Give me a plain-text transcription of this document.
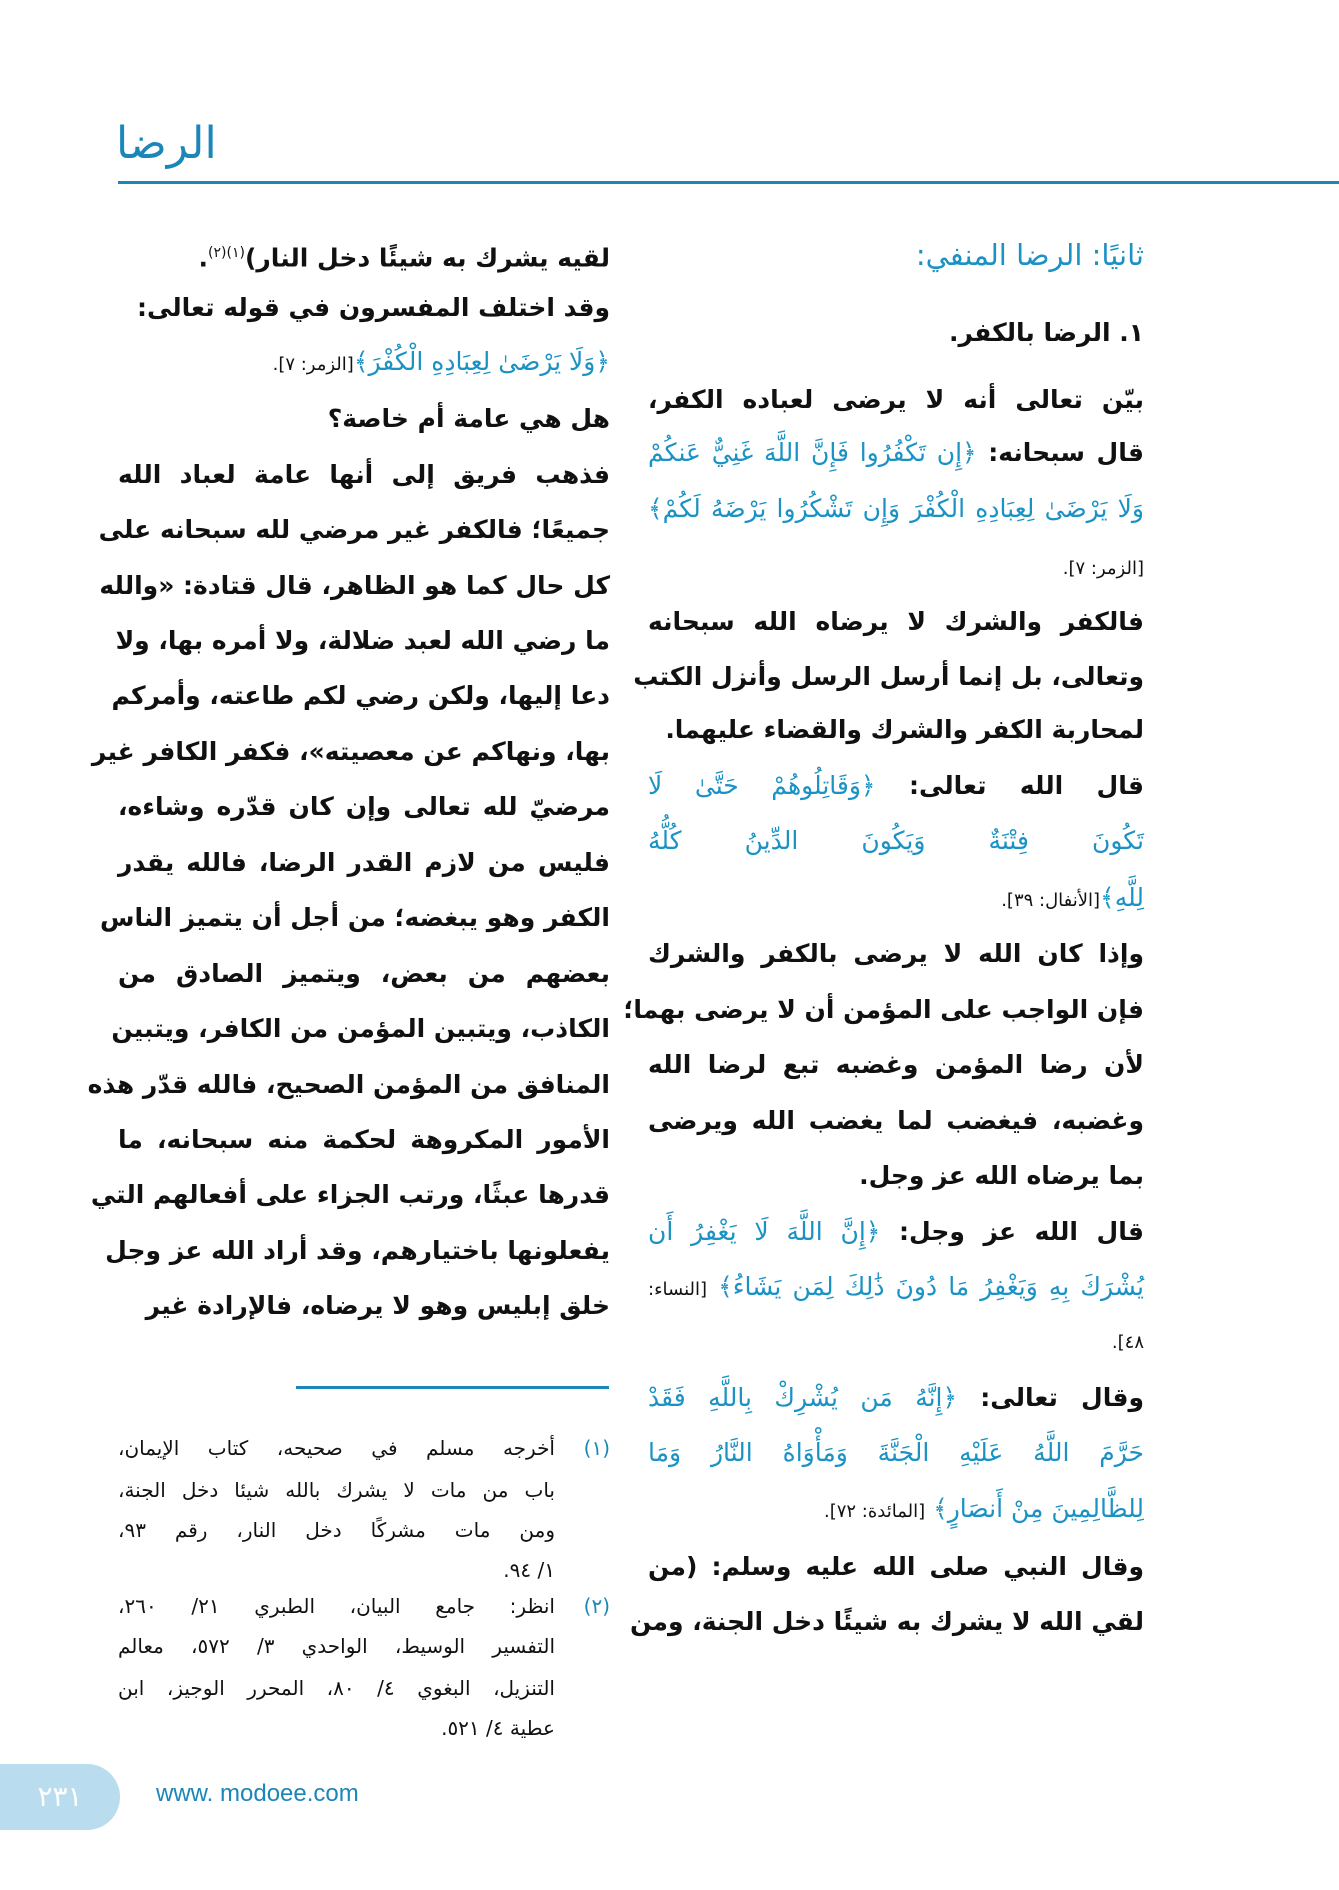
الرضا
ثانيًا: الرضا المنفي:
١. الرضا بالكفر.
بيّن تعالى أنه لا يرضى لعباده الكفر،
قال سبحانه: ﴿إِن تَكْفُرُوا فَإِنَّ اللَّهَ غَنِيٌّ عَنكُمْ
وَلَا يَرْضَىٰ لِعِبَادِهِ الْكُفْرَ وَإِن تَشْكُرُوا يَرْضَهُ لَكُمْ﴾
[الزمر: ٧].
فالكفر والشرك لا يرضاه الله سبحانه
وتعالى، بل إنما أرسل الرسل وأنزل الكتب
لمحاربة الكفر والشرك والقضاء عليهما.
قال الله تعالى: ﴿وَقَاتِلُوهُمْ حَتَّىٰ لَا
تَكُونَ فِتْنَةٌ وَيَكُونَ الدِّينُ كُلُّهُ
لِلَّهِ﴾[الأنفال: ٣٩].
وإذا كان الله لا يرضى بالكفر والشرك
فإن الواجب على المؤمن أن لا يرضى بهما؛
لأن رضا المؤمن وغضبه تبع لرضا الله
وغضبه، فيغضب لما يغضب الله ويرضى
بما يرضاه الله عز وجل.
قال الله عز وجل: ﴿إِنَّ اللَّهَ لَا يَغْفِرُ أَن
يُشْرَكَ بِهِ وَيَغْفِرُ مَا دُونَ ذَٰلِكَ لِمَن يَشَاءُ﴾ [النساء:
٤٨].
وقال تعالى: ﴿إِنَّهُ مَن يُشْرِكْ بِاللَّهِ فَقَدْ
حَرَّمَ اللَّهُ عَلَيْهِ الْجَنَّةَ وَمَأْوَاهُ النَّارُ وَمَا
لِلظَّالِمِينَ مِنْ أَنصَارٍ﴾ [المائدة: ٧٢].
وقال النبي صلى الله عليه وسلم: (من
لقي الله لا يشرك به شيئًا دخل الجنة، ومن
لقيه يشرك به شيئًا دخل النار)$^{(١)(٢)}$.
وقد اختلف المفسرون في قوله تعالى:
﴿وَلَا يَرْضَىٰ لِعِبَادِهِ الْكُفْرَ﴾[الزمر: ٧].
هل هي عامة أم خاصة؟
فذهب فريق إلى أنها عامة لعباد الله
جميعًا؛ فالكفر غير مرضي لله سبحانه على
كل حال كما هو الظاهر، قال قتادة: «والله
ما رضي الله لعبد ضلالة، ولا أمره بها، ولا
دعا إليها، ولكن رضي لكم طاعته، وأمركم
بها، ونهاكم عن معصيته»، فكفر الكافر غير
مرضيّ لله تعالى وإن كان قدّره وشاءه،
فليس من لازم القدر الرضا، فالله يقدر
الكفر وهو يبغضه؛ من أجل أن يتميز الناس
بعضهم من بعض، ويتميز الصادق من
الكاذب، ويتبين المؤمن من الكافر، ويتبين
المنافق من المؤمن الصحيح، فالله قدّر هذه
الأمور المكروهة لحكمة منه سبحانه، ما
قدرها عبثًا، ورتب الجزاء على أفعالهم التي
يفعلونها باختيارهم، وقد أراد الله عز وجل
خلق إبليس وهو لا يرضاه، فالإرادة غير
(١)
أخرجه مسلم في صحيحه، كتاب الإيمان،
باب من مات لا يشرك بالله شيئا دخل الجنة،
ومن مات مشركًا دخل النار، رقم ٩٣،
١/ ٩٤.
(٢)
انظر: جامع البيان، الطبري ٢١/ ٢٦٠،
التفسير الوسيط، الواحدي ٣/ ٥٧٢، معالم
التنزيل، البغوي ٤/ ٨٠، المحرر الوجيز، ابن
عطية ٤/ ٥٢١.
٢٣١	www. modoee.com
